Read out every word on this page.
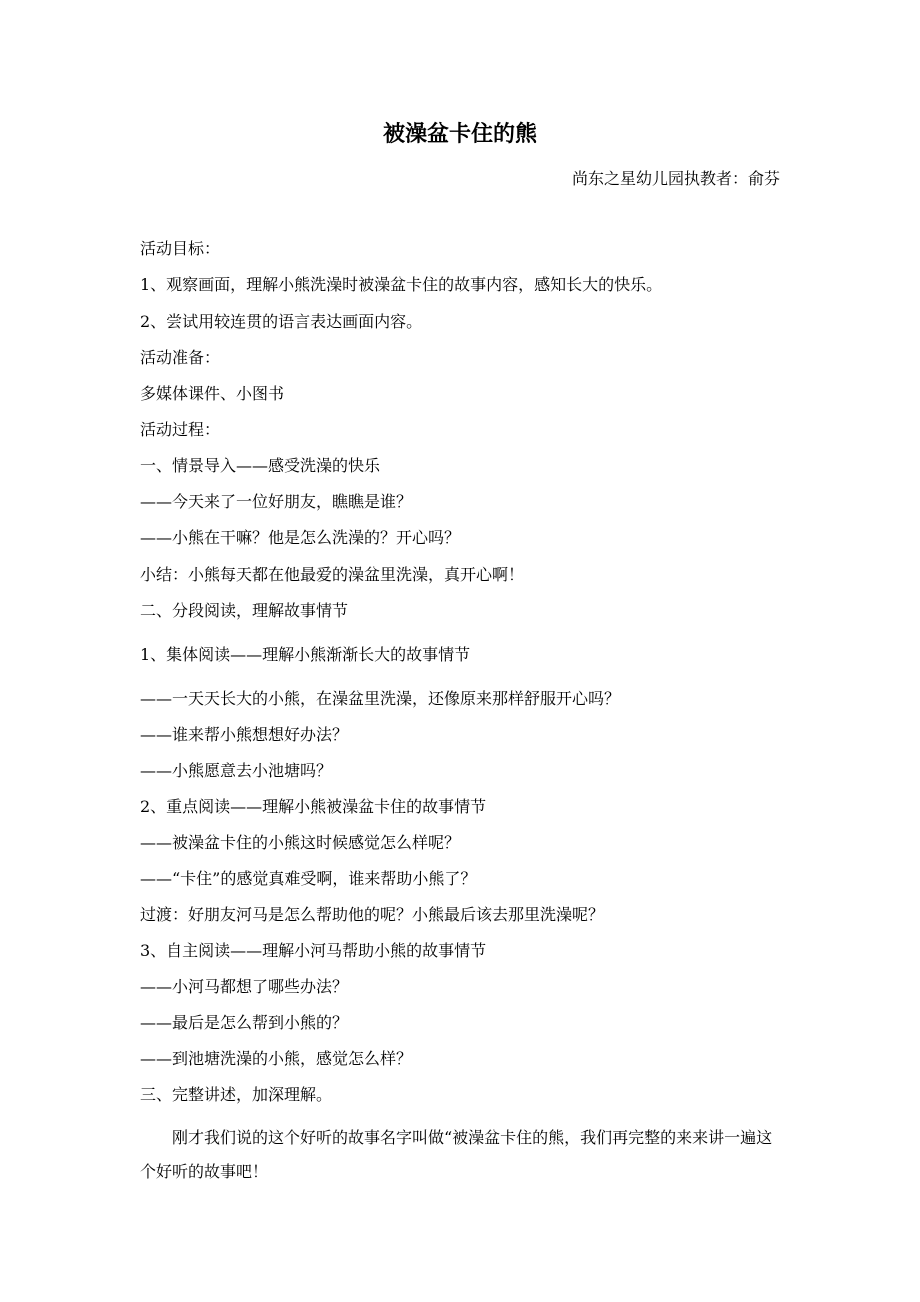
被澡盆卡住的熊
尚东之星幼儿园执教者：俞芬
活动目标：
1、观察画面，理解小熊洗澡时被澡盆卡住的故事内容，感知长大的快乐。
2、尝试用较连贯的语言表达画面内容。
活动准备：
多媒体课件、小图书
活动过程：
一、情景导入——感受洗澡的快乐
——今天来了一位好朋友，瞧瞧是谁？
——小熊在干嘛？他是怎么洗澡的？开心吗？
小结：小熊每天都在他最爱的澡盆里洗澡，真开心啊！
二、分段阅读，理解故事情节
1、集体阅读——理解小熊渐渐长大的故事情节
——一天天长大的小熊，在澡盆里洗澡，还像原来那样舒服开心吗？
——谁来帮小熊想想好办法？
——小熊愿意去小池塘吗？
2、重点阅读——理解小熊被澡盆卡住的故事情节
——被澡盆卡住的小熊这时候感觉怎么样呢？
——“卡住”的感觉真难受啊，谁来帮助小熊了？
过渡：好朋友河马是怎么帮助他的呢？小熊最后该去那里洗澡呢？
3、自主阅读——理解小河马帮助小熊的故事情节
——小河马都想了哪些办法？
——最后是怎么帮到小熊的？
——到池塘洗澡的小熊，感觉怎么样？
三、完整讲述，加深理解。
刚才我们说的这个好听的故事名字叫做“被澡盆卡住的熊，我们再完整的来来讲一遍这个好听的故事吧！
